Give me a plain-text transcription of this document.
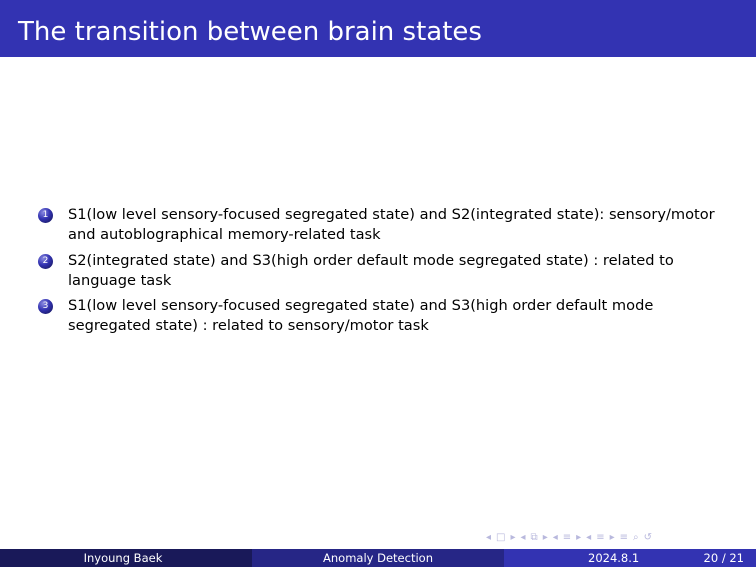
The transition between brain states
1	S1(low level sensory-focused segregated state) and S2(integrated state): sensory/motor and autoblographical memory-related task
2	S2(integrated state) and S3(high order default mode segregated state) : related to language task
3	S1(low level sensory-focused segregated state) and S3(high order default mode segregated state) : related to sensory/motor task
◂ □ ▸ ◂ ⧉ ▸ ◂ ≡ ▸ ◂ ≡ ▸ ≡ ⌕ ↺
Inyoung Baek	Anomaly Detection	2024.8.1	20 / 21
